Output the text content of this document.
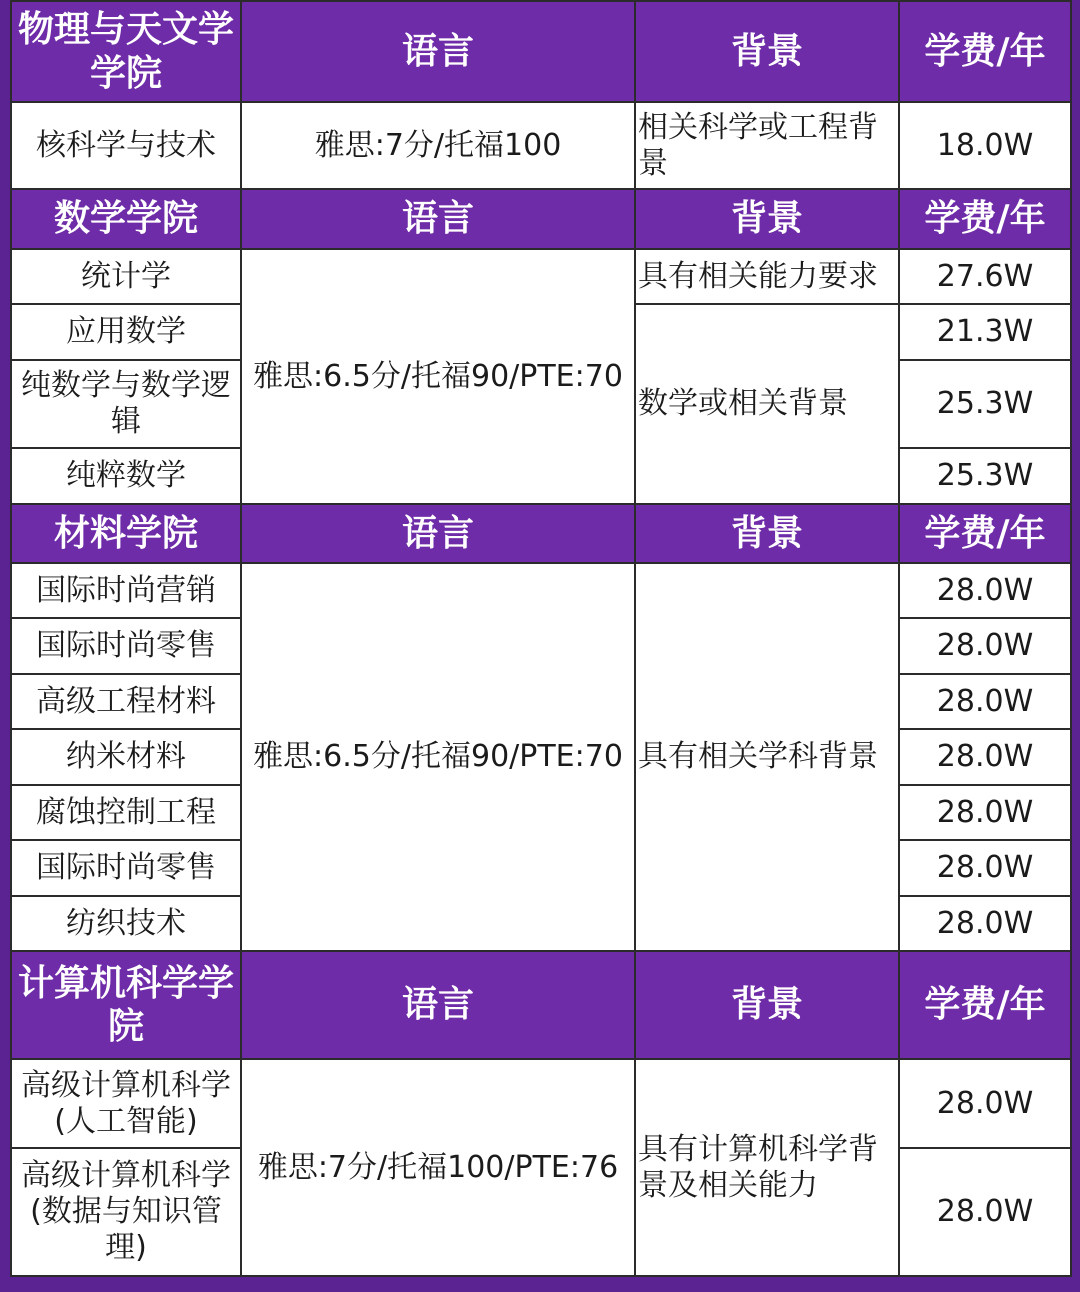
物理与天文学学院	语言	背景	学费/年
核科学与技术	雅思:7分/托福100	相关科学或工程背景	18.0W
数学学院	语言	背景	学费/年
统计学	雅思:6.5分/托福90/PTE:70	具有相关能力要求	27.6W
应用数学		数学或相关背景	21.3W
纯数学与数学逻辑			25.3W
纯粹数学			25.3W
材料学院	语言	背景	学费/年
国际时尚营销	雅思:6.5分/托福90/PTE:70	具有相关学科背景	28.0W
国际时尚零售			28.0W
高级工程材料			28.0W
纳米材料			28.0W
腐蚀控制工程			28.0W
国际时尚零售			28.0W
纺织技术			28.0W
计算机科学学院	语言	背景	学费/年
高级计算机科学(人工智能)	雅思:7分/托福100/PTE:76	具有计算机科学背景及相关能力	28.0W
高级计算机科学(数据与知识管理)			28.0W
